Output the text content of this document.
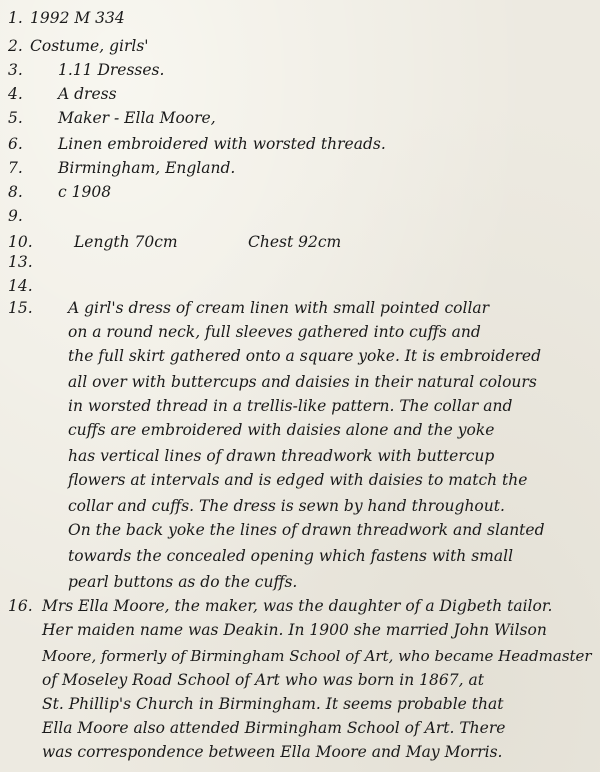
1. 1992 M 334
2. Costume, girls'
3.	1.11 Dresses.
4.	A dress
5.	Maker - Ella Moore,
6.	Linen embroidered with worsted threads.
7.	Birmingham, England.
8.	c 1908
9.
10.	Length 70cm	Chest 92cm
13.
14.
15.	A girl's dress of cream linen with small pointed collar
on a round neck, full sleeves gathered into cuffs and
the full skirt gathered onto a square yoke. It is embroidered
all over with buttercups and daisies in their natural colours
in worsted thread in a trellis-like pattern. The collar and
cuffs are embroidered with daisies alone and the yoke
has vertical lines of drawn threadwork with buttercup
flowers at intervals and is edged with daisies to match the
collar and cuffs. The dress is sewn by hand throughout.
On the back yoke the lines of drawn threadwork and slanted
towards the concealed opening which fastens with small
pearl buttons as do the cuffs.
16. Mrs Ella Moore, the maker, was the daughter of a Digbeth tailor.
Her maiden name was Deakin. In 1900 she married John Wilson
Moore, formerly of Birmingham School of Art, who became Headmaster
of Moseley Road School of Art who was born in 1867, at
St. Phillip's Church in Birmingham. It seems probable that
Ella Moore also attended Birmingham School of Art. There
was correspondence between Ella Moore and May Morris.
